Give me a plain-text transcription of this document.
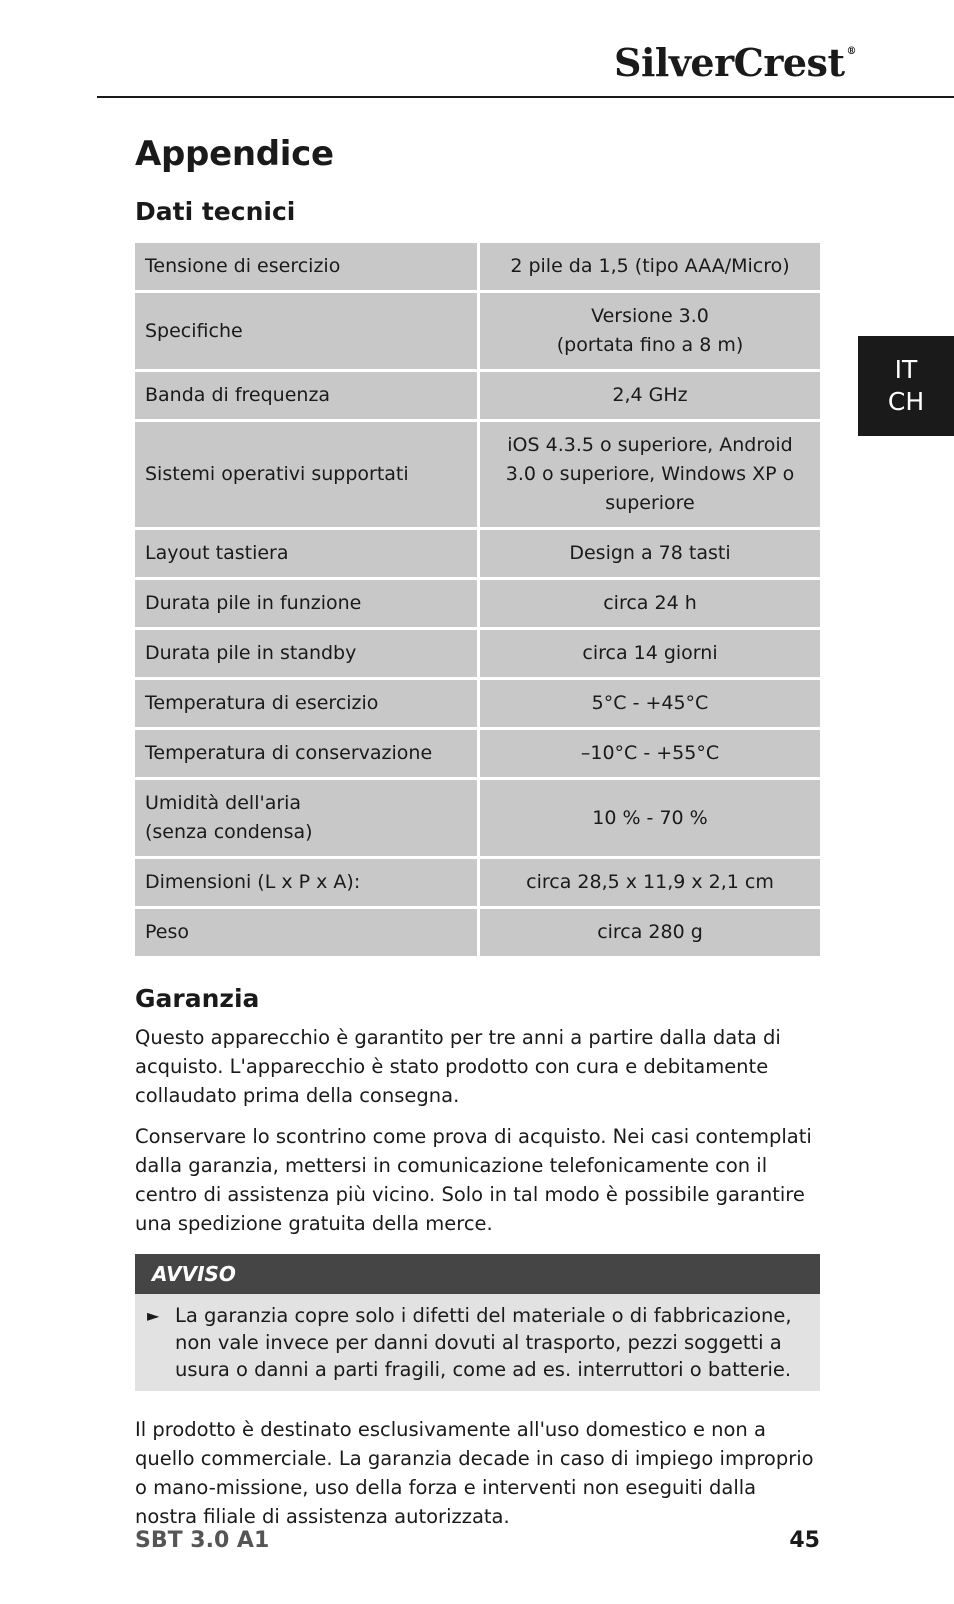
SilverCrest ®
IT
CH
Appendice
Dati tecnici
Tensione di esercizio	2 pile da 1,5 (tipo AAA/Micro)
Specifiche	Versione 3.0
(portata fino a 8 m)
Banda di frequenza	2,4 GHz
Sistemi operativi supportati	iOS 4.3.5 o superiore, Android
3.0 o superiore, Windows XP o
superiore
Layout tastiera	Design a 78 tasti
Durata pile in funzione	circa 24 h
Durata pile in standby	circa 14 giorni
Temperatura di esercizio	5°C - +45°C
Temperatura di conservazione	–10°C - +55°C
Umidità dell'aria
(senza condensa)	10 % - 70 %
Dimensioni (L x P x A):	circa 28,5 x 11,9 x 2,1 cm
Peso	circa 280 g
Garanzia

Questo apparecchio è garantito per tre anni a partire dalla data di acquisto. L'apparecchio è stato prodotto con cura e debitamente collaudato prima della consegna.

Conservare lo scontrino come prova di acquisto. Nei casi contemplati dalla garanzia, mettersi in comunicazione telefonicamente con il centro di assistenza più vicino. Solo in tal modo è possibile garantire una spedizione gratuita della merce.

AVVISO
► La garanzia copre solo i difetti del materiale o di fabbricazione, non vale invece per danni dovuti al trasporto, pezzi soggetti a usura o danni a parti fragili, come ad es. interruttori o batterie.

Il prodotto è destinato esclusivamente all'uso domestico e non a quello commerciale. La garanzia decade in caso di impiego improprio o mano-missione, uso della forza e interventi non eseguiti dalla nostra filiale di assistenza autorizzata.

SBT 3.0 A1	45
